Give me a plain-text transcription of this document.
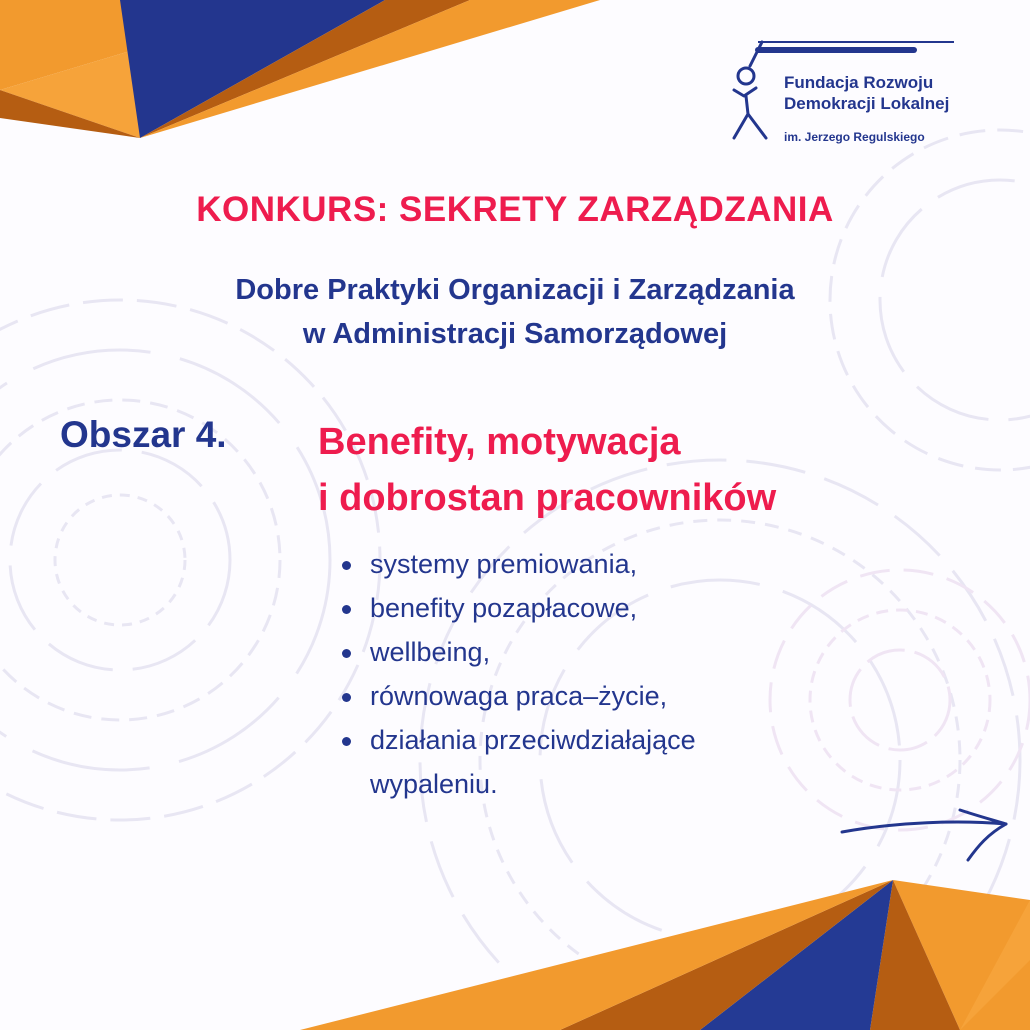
Fundacja Rozwoju
Demokracji Lokalnej
im. Jerzego Regulskiego
KONKURS: SEKRETY ZARZĄDZANIA
Dobre Praktyki Organizacji i Zarządzania
w Administracji Samorządowej
Obszar 4. Benefity, motywacja
i dobrostan pracowników
systemy premiowania,
benefity pozapłacowe,
wellbeing,
równowaga praca–życie,
działania przeciwdziałające
wypaleniu.
